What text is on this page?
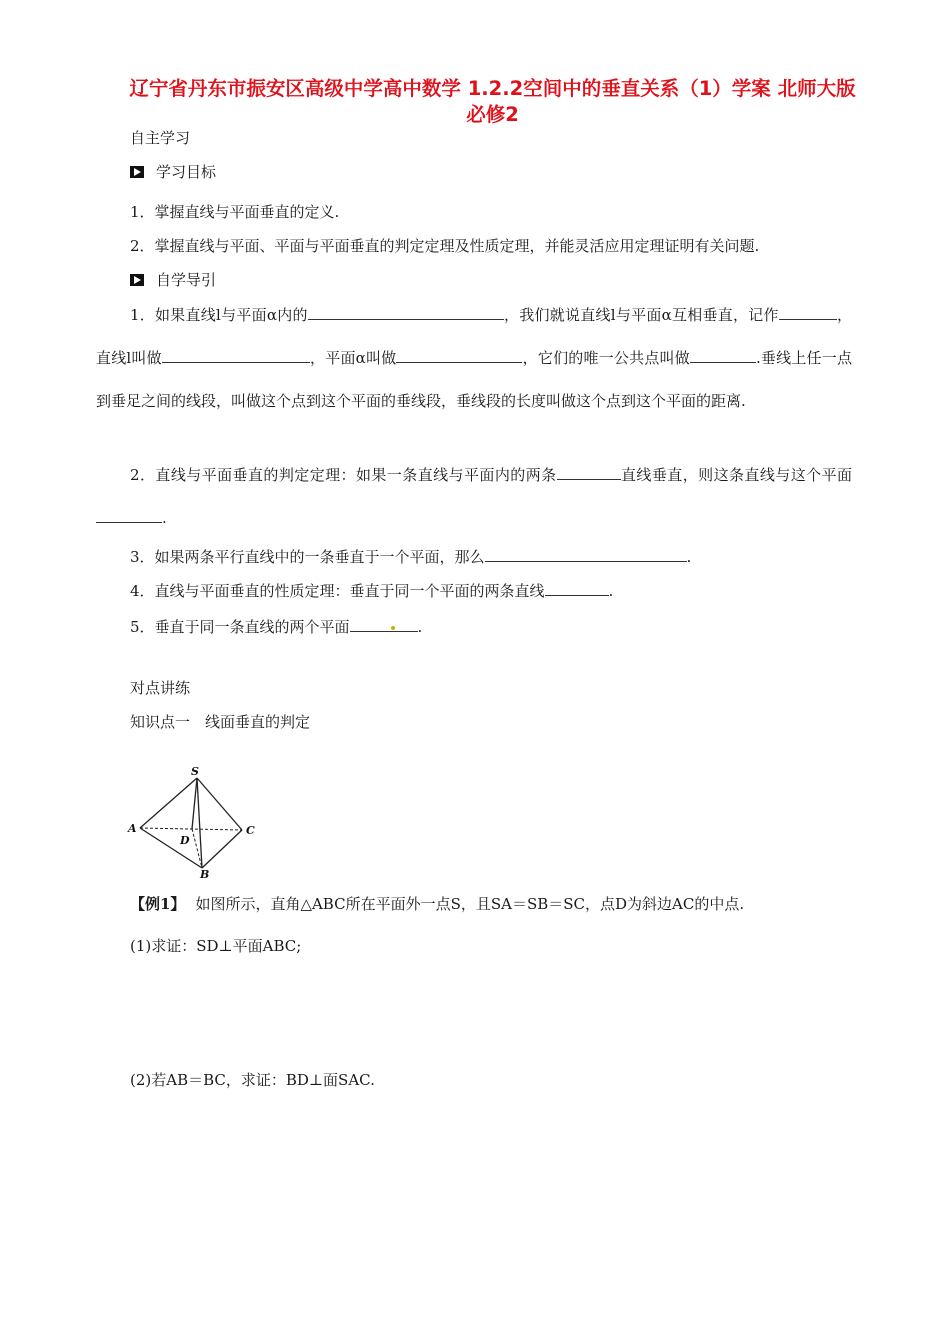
辽宁省丹东市振安区高级中学高中数学 1.2.2空间中的垂直关系（1）学案 北师大版必修2
自主学习
学习目标
1．掌握直线与平面垂直的定义.
2．掌握直线与平面、平面与平面垂直的判定定理及性质定理，并能灵活应用定理证明有关问题.
自学导引
1．如果直线l与平面α内的	，我们就说直线l与平面α互相垂直，记作	，直线l叫做	，平面α叫做	，它们的唯一公共点叫做	.垂线上任一点到垂足之间的线段，叫做这个点到这个平面的垂线段，垂线段的长度叫做这个点到这个平面的距离.
2．直线与平面垂直的判定定理：如果一条直线与平面内的两条	直线垂直，则这条直线与这个平面.
3．如果两条平行直线中的一条垂直于一个平面，那么	.
4．直线与平面垂直的性质定理：垂直于同一个平面的两条直线	.
5．垂直于同一条直线的两个平面	.
对点讲练
知识点一　线面垂直的判定
S
A	C
D
B
【例1】 如图所示，直角△ABC所在平面外一点S，且SA＝SB＝SC，点D为斜边AC的中点.
(1)求证：SD⊥平面ABC;
(2)若AB＝BC，求证：BD⊥面SAC.
